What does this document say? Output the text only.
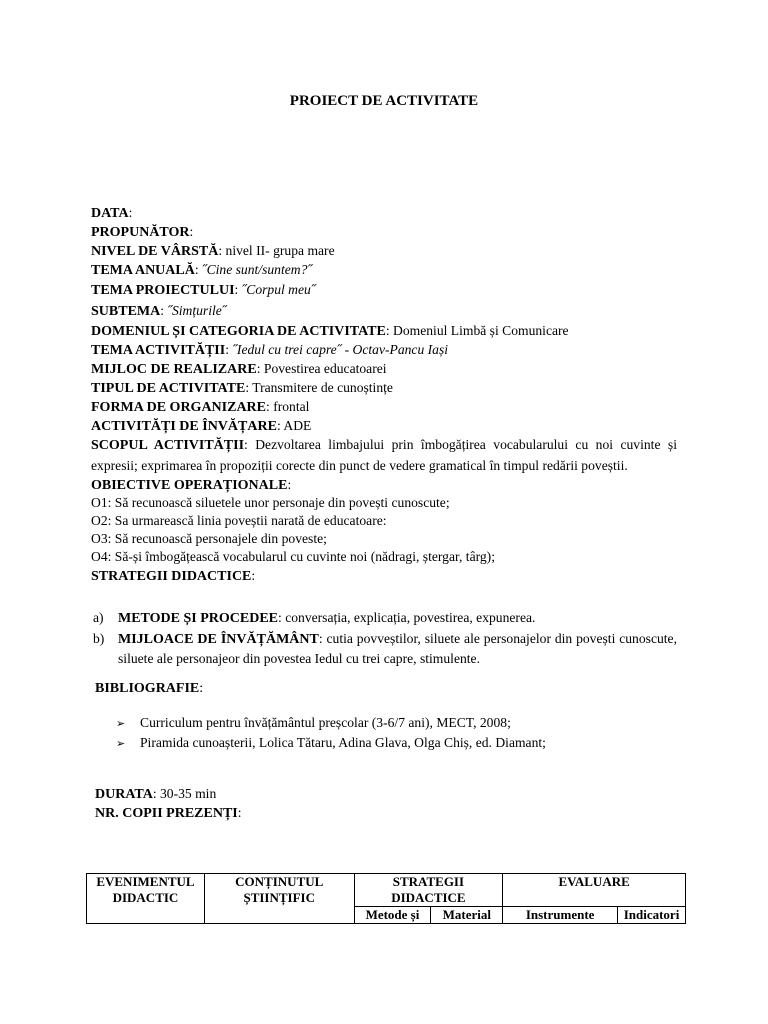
PROIECT DE ACTIVITATE
DATA:
PROPUNĂTOR:
NIVEL DE VÂRSTĂ: nivel II- grupa mare
TEMA ANUALĂ: ˝Cine sunt/suntem?˝
TEMA PROIECTULUI: ˝Corpul meu˝
SUBTEMA: ˝Simțurile˝
DOMENIUL ȘI CATEGORIA DE ACTIVITATE: Domeniul Limbă și Comunicare
TEMA ACTIVITĂȚII: ˝Iedul cu trei capre˝ - Octav-Pancu Iași
MIJLOC DE REALIZARE: Povestirea educatoarei
TIPUL DE ACTIVITATE: Transmitere de cunoștințe
FORMA DE ORGANIZARE: frontal
ACTIVITĂȚI DE ÎNVĂȚARE: ADE
SCOPUL ACTIVITĂȚII: Dezvoltarea limbajului prin îmbogățirea vocabularului cu noi cuvinte și expresii; exprimarea în propoziții corecte din punct de vedere gramatical în timpul redării poveștii.
OBIECTIVE OPERAȚIONALE:
O1: Să recunoască siluetele unor personaje din povești cunoscute;
O2: Sa urmarească linia poveștii narată de educatoare:
O3: Să recunoască personajele din poveste;
O4: Să-și îmbogățească vocabularul cu cuvinte noi (nădragi, ștergar, târg);
STRATEGII DIDACTICE:
a) METODE ȘI PROCEDEE: conversația, explicația, povestirea, expunerea.
b) MIJLOACE DE ÎNVĂȚĂMÂNT: cutia povveștilor, siluete ale personajelor din povești cunoscute, siluete ale personajeor din povestea Iedul cu trei capre, stimulente.
BIBLIOGRAFIE:
➢ Curriculum pentru învățământul preșcolar (3-6/7 ani), MECT, 2008;
➢ Piramida cunoașterii, Lolica Tătaru, Adina Glava, Olga Chiș, ed. Diamant;
DURATA: 30-35 min
NR. COPII PREZENȚI:
EVENIMENTUL DIDACTIC	CONȚINUTUL ȘTIINȚIFIC	STRATEGII DIDACTICE		EVALUARE	
		Metode și	Material	Instrumente	Indicatori
